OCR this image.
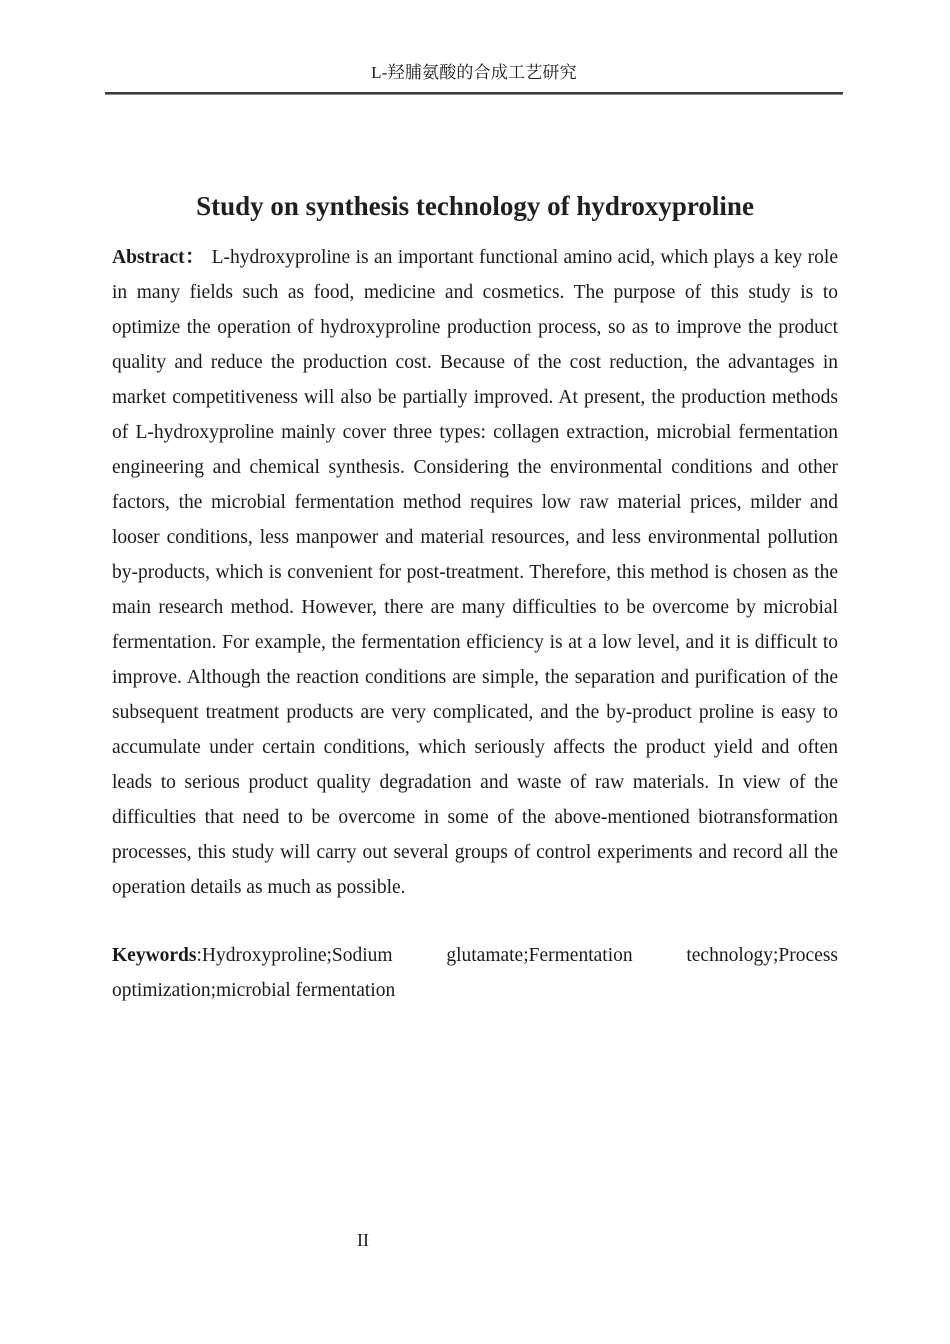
L-羟脯氨酸的合成工艺研究
Study on synthesis technology of hydroxyproline

Abstract： L-hydroxyproline is an important functional amino acid, which plays a key role in many fields such as food, medicine and cosmetics. The purpose of this study is to optimize the operation of hydroxyproline production process, so as to improve the product quality and reduce the production cost. Because of the cost reduction, the advantages in market competitiveness will also be partially improved. At present, the production methods of L-hydroxyproline mainly cover three types: collagen extraction, microbial fermentation engineering and chemical synthesis. Considering the environmental conditions and other factors, the microbial fermentation method requires low raw material prices, milder and looser conditions, less manpower and material resources, and less environmental pollution by-products, which is convenient for post-treatment. Therefore, this method is chosen as the main research method. However, there are many difficulties to be overcome by microbial fermentation. For example, the fermentation efficiency is at a low level, and it is difficult to improve. Although the reaction conditions are simple, the separation and purification of the subsequent treatment products are very complicated, and the by-product proline is easy to accumulate under certain conditions, which seriously affects the product yield and often leads to serious product quality degradation and waste of raw materials. In view of the difficulties that need to be overcome in some of the above-mentioned biotransformation processes, this study will carry out several groups of control experiments and record all the operation details as much as possible.

Keywords:Hydroxyproline;Sodium glutamate;Fermentation technology;Process optimization;microbial fermentation

II
